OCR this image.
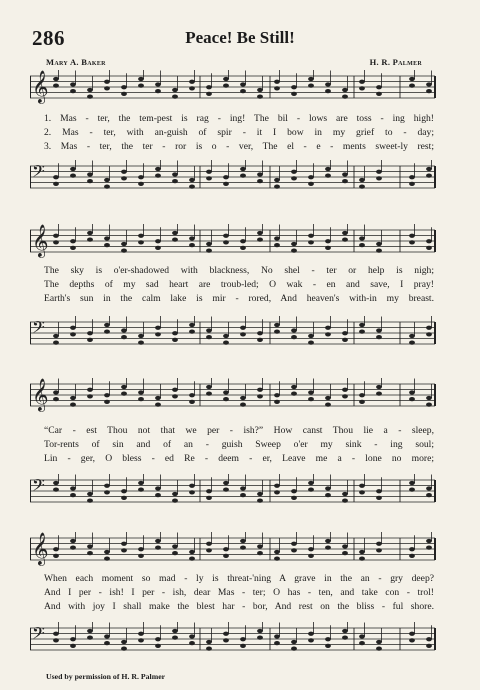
286	Peace! Be Still!
Mary A. Baker	H. R. Palmer
𝄞
1. Mas - ter, the tem-pest is rag - ing! The bil - lows are toss - ing high!
2. Mas - ter, with an-guish of spir - it I bow in my grief to - day;
3. Mas - ter, the ter - ror is o - ver, The el - e - ments sweet-ly rest;
𝄢
𝄞
The sky is o'er-shadowed with blackness, No shel - ter or help is nigh;
The depths of my sad heart are troub-led; O wak - en and save, I pray!
Earth's sun in the calm lake is mir - rored, And heaven's with-in my breast.
𝄢
𝄞
“Car - est Thou not that we per - ish?” How canst Thou lie a - sleep,
Tor-rents of sin and of an - guish Sweep o'er my sink - ing soul;
Lin - ger, O bless - ed Re - deem - er, Leave me a - lone no more;
𝄢
𝄞
When each moment so mad - ly is threat-'ning A grave in the an - gry deep?
And I per - ish! I per - ish, dear Mas - ter; O has - ten, and take con - trol!
And with joy I shall make the blest har - bor, And rest on the bliss - ful shore.
𝄢
Used by permission of H. R. Palmer
